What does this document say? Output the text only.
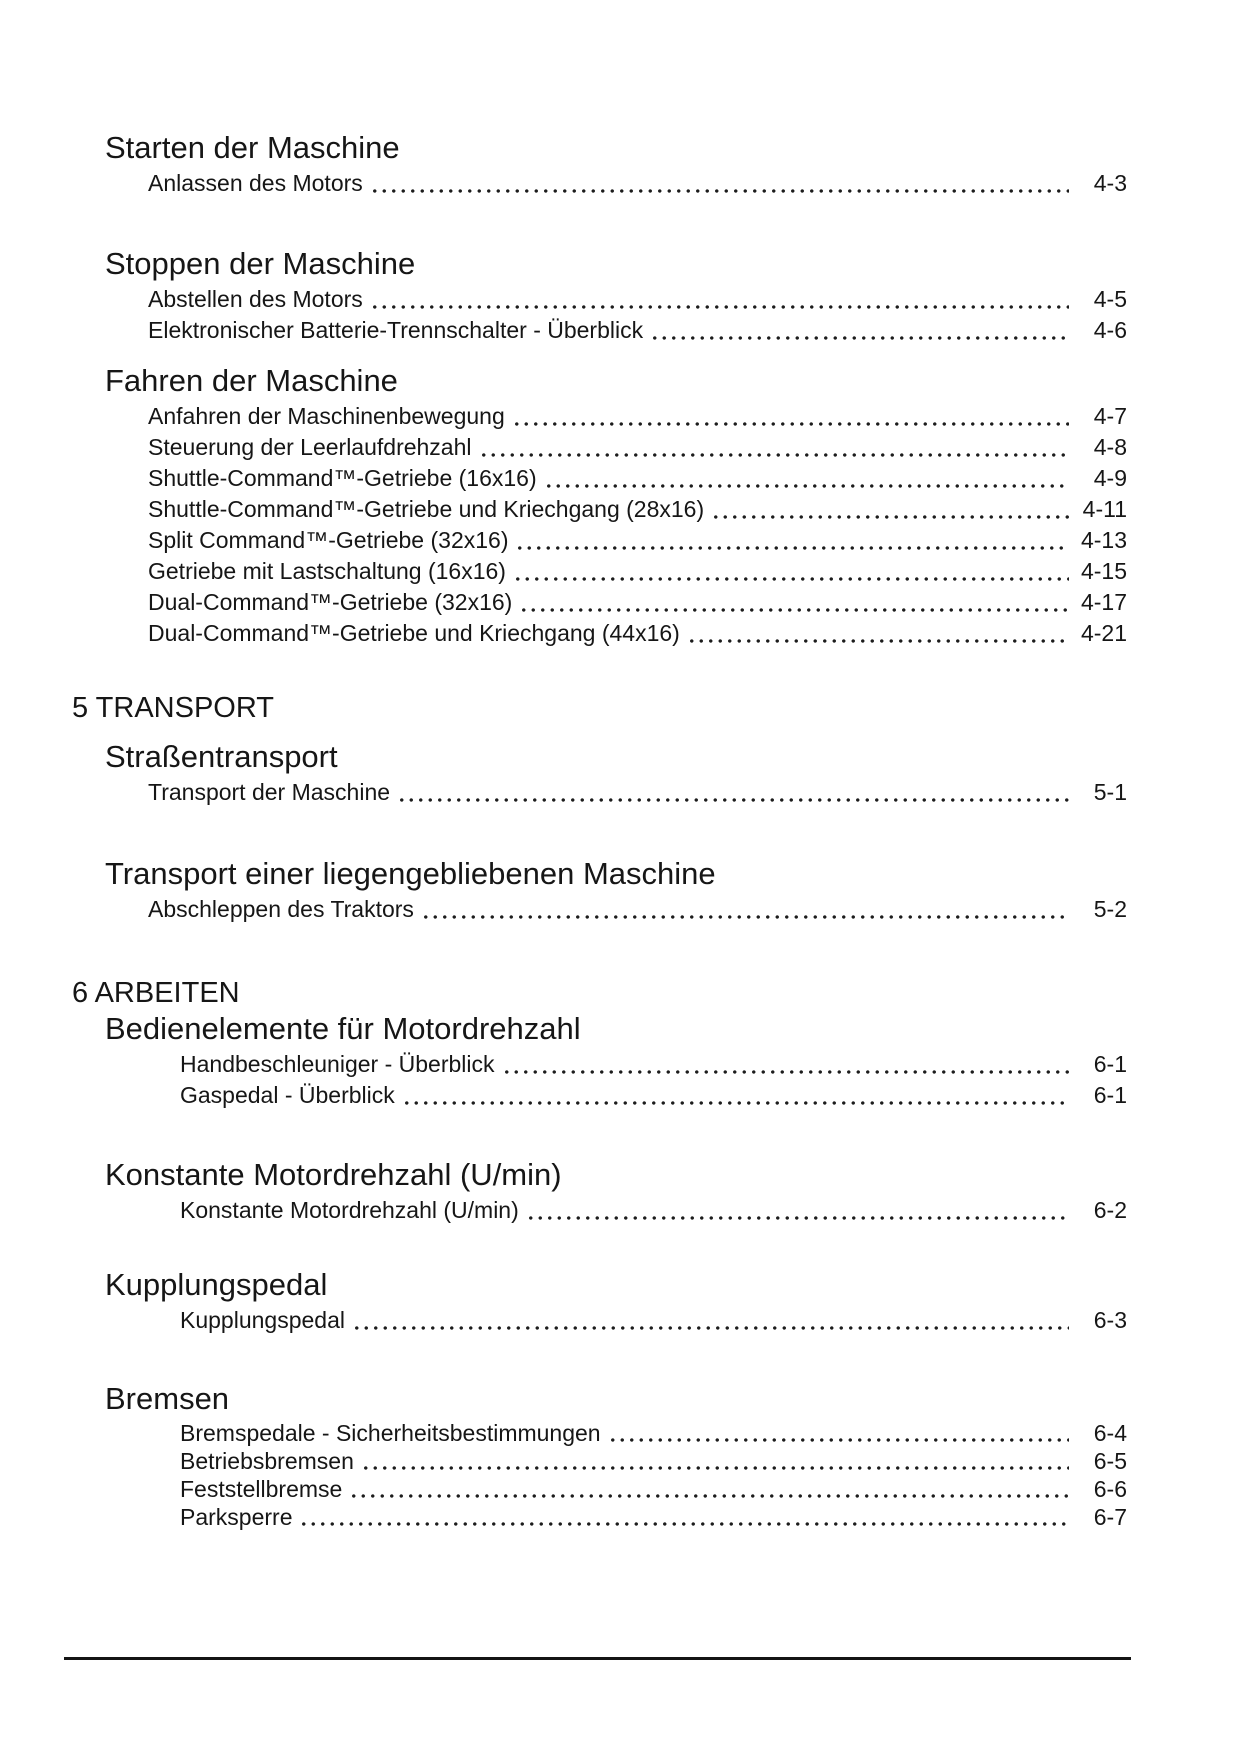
Starten der Maschine
Anlassen des Motors	4-3
Stoppen der Maschine
Abstellen des Motors	4-5
Elektronischer Batterie-Trennschalter - Überblick	4-6
Fahren der Maschine
Anfahren der Maschinenbewegung	4-7
Steuerung der Leerlaufdrehzahl	4-8
Shuttle-Command™-Getriebe (16x16)	4-9
Shuttle-Command™-Getriebe und Kriechgang (28x16)	4-11
Split Command™-Getriebe (32x16)	4-13
Getriebe mit Lastschaltung (16x16)	4-15
Dual-Command™-Getriebe (32x16)	4-17
Dual-Command™-Getriebe und Kriechgang (44x16)	4-21
5 TRANSPORT
Straßentransport
Transport der Maschine	5-1
Transport einer liegengebliebenen Maschine
Abschleppen des Traktors	5-2
6 ARBEITEN
Bedienelemente für Motordrehzahl
Handbeschleuniger - Überblick	6-1
Gaspedal - Überblick	6-1
Konstante Motordrehzahl (U/min)
Konstante Motordrehzahl (U/min)	6-2
Kupplungspedal
Kupplungspedal	6-3
Bremsen
Bremspedale - Sicherheitsbestimmungen	6-4
Betriebsbremsen	6-5
Feststellbremse	6-6
Parksperre	6-7
